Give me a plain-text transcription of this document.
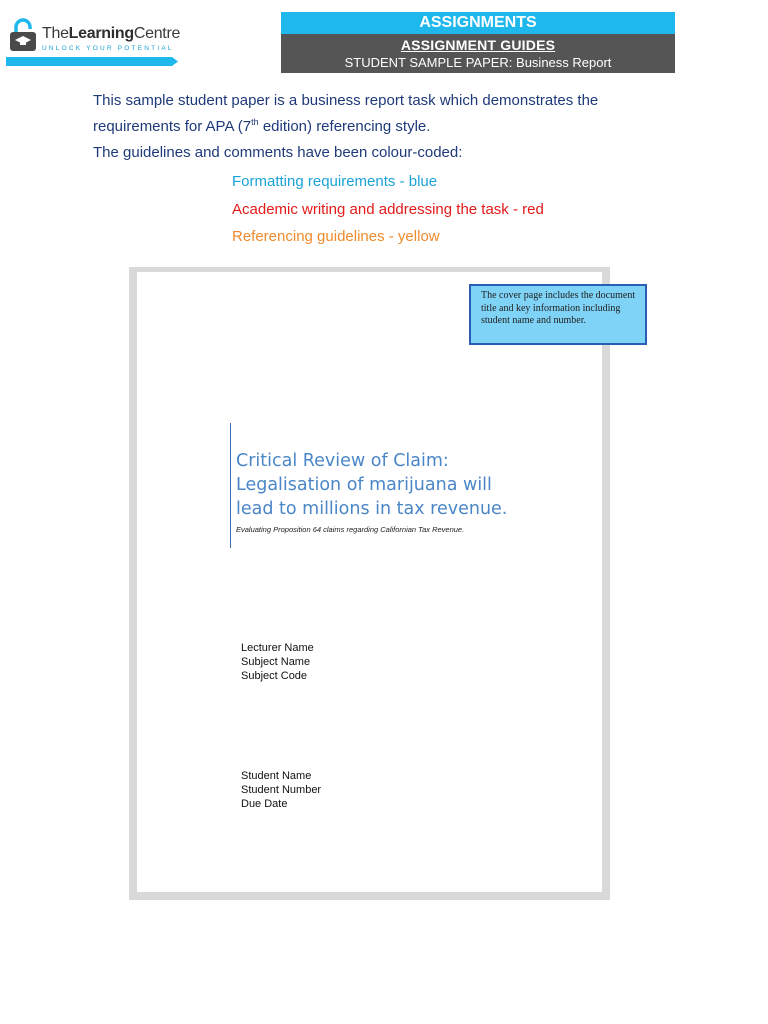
TheLearningCentre
UNLOCK YOUR POTENTIAL
ASSIGNMENTS
ASSIGNMENT GUIDES
STUDENT SAMPLE PAPER: Business Report

This sample student paper is a business report task which demonstrates the

requirements for APA (7th edition) referencing style.

The guidelines and comments have been colour-coded:

Formatting requirements - blue
Academic writing and addressing the task - red
Referencing guidelines - yellow
The cover page includes the document title and key information including student name and number.
Critical Review of Claim:
Legalisation of marijuana will
lead to millions in tax revenue.
Evaluating Proposition 64 claims regarding Californian Tax Revenue.
Lecturer Name
Subject Name
Subject Code
Student Name
Student Number
Due Date
